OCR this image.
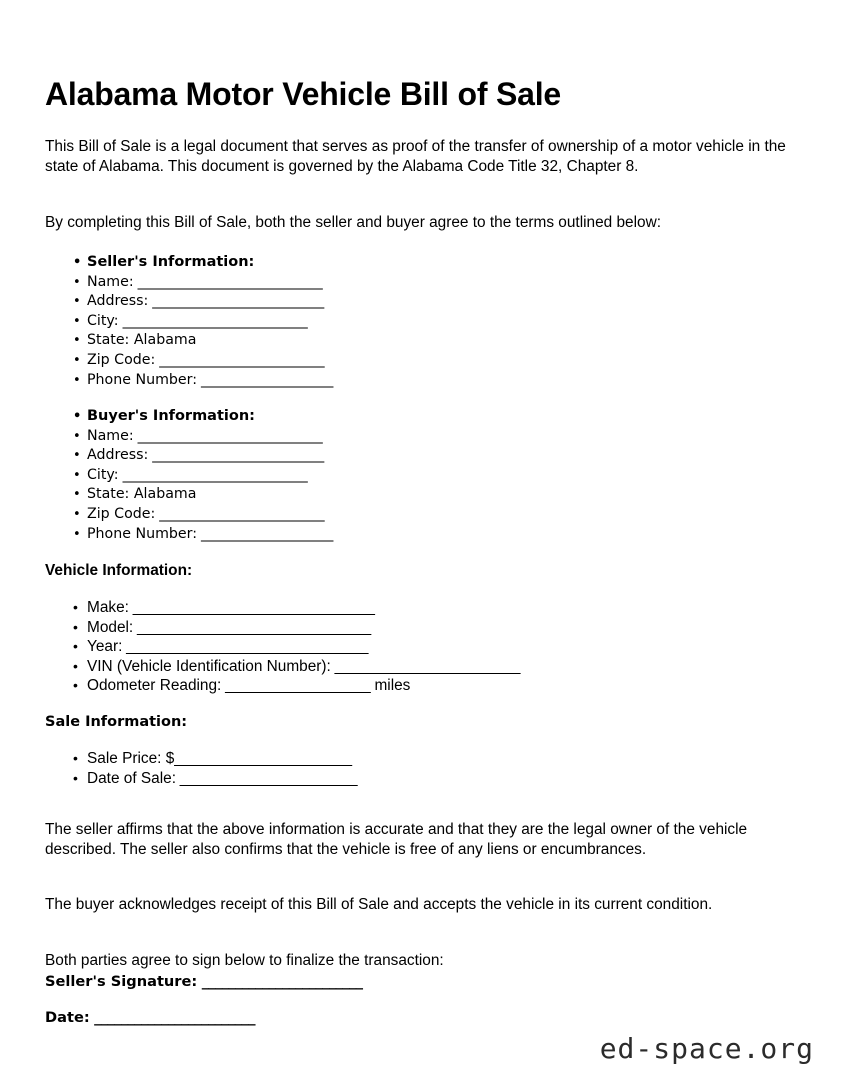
Alabama Motor Vehicle Bill of Sale

This Bill of Sale is a legal document that serves as proof of the transfer of ownership of a motor vehicle in the state of Alabama. This document is governed by the Alabama Code Title 32, Chapter 8.

By completing this Bill of Sale, both the seller and buyer agree to the terms outlined below:

• Seller's Information:
• Name: ____________________________
• Address: __________________________
• City: ____________________________
• State: Alabama
• Zip Code: _________________________
• Phone Number: ____________________
• Buyer's Information:
• Name: ____________________________
• Address: __________________________
• City: ____________________________
• State: Alabama
• Zip Code: _________________________
• Phone Number: ____________________
Vehicle Information:
• Make: ______________________________
• Model: _____________________________
• Year: ______________________________
• VIN (Vehicle Identification Number): _______________________
• Odometer Reading: __________________ miles
Sale Information:
• Sale Price: $______________________
• Date of Sale: ______________________

The seller affirms that the above information is accurate and that they are the legal owner of the vehicle described. The seller also confirms that the vehicle is free of any liens or encumbrances.

The buyer acknowledges receipt of this Bill of Sale and accepts the vehicle in its current condition.

Both parties agree to sign below to finalize the transaction:

Seller's Signature: ________________________
Date: ________________________
ed-space.org
